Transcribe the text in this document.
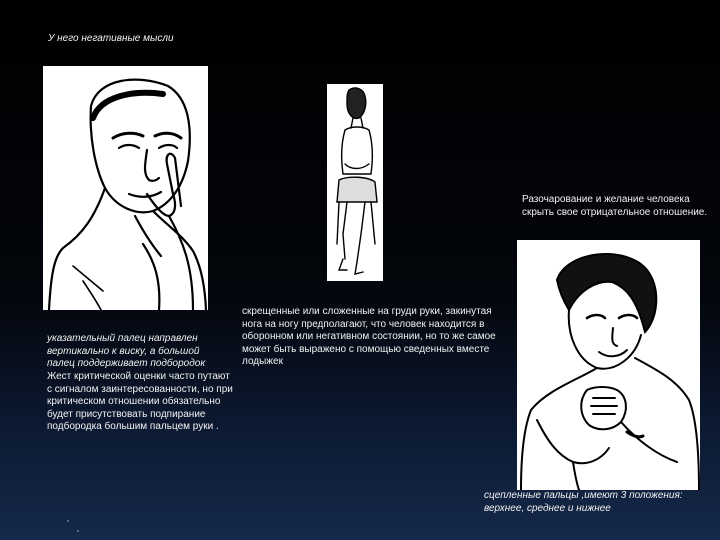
У него негативные мысли
указательный палец направлен вертикально к виску, а большой палец поддерживает подбородок
Жест критической оценки часто путают с сигналом заинтересованности, но при критическом отношении обязательно будет присутствовать подпирание подбородка большим пальцем руки .
скрещенные или сложенные на груди руки, закинутая нога на ногу предполагают, что человек находится в оборонном или негативном состоянии, но то же самое может быть выражено с помощью сведенных вместе лодыжек
Разочарование и желание человека скрыть свое отрицательное отношение.
сцепленные пальцы ,имеют 3 положения: верхнее, среднее и нижнее
